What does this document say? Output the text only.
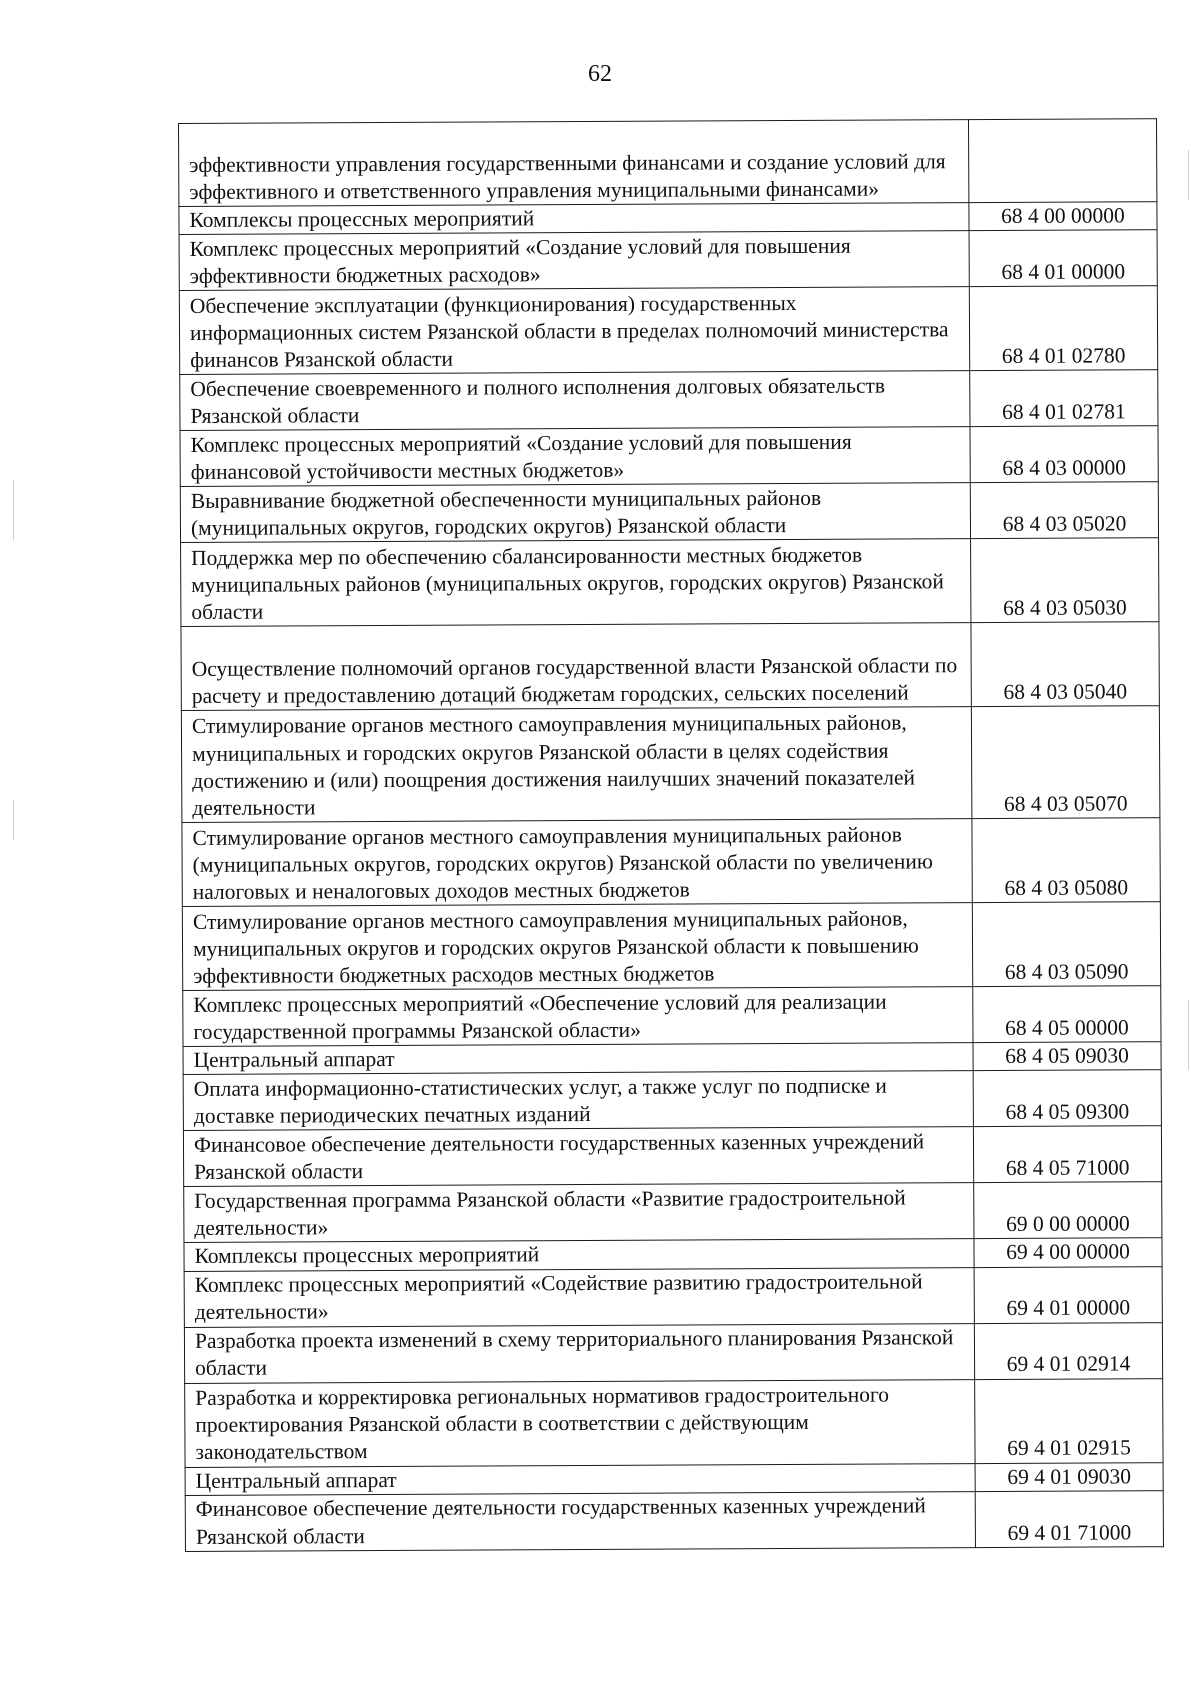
62
эффективности управления государственными финансами и создание условий для эффективного и ответственного управления муниципальными финансами»	
Комплексы процессных мероприятий	68 4 00 00000
Комплекс процессных мероприятий «Создание условий для повышения эффективности бюджетных расходов»	68 4 01 00000
Обеспечение эксплуатации (функционирования) государственных информационных систем Рязанской области в пределах полномочий министерства финансов Рязанской области	68 4 01 02780
Обеспечение своевременного и полного исполнения долговых обязательств Рязанской области	68 4 01 02781
Комплекс процессных мероприятий «Создание условий для повышения финансовой устойчивости местных бюджетов»	68 4 03 00000
Выравнивание бюджетной обеспеченности муниципальных районов (муниципальных округов, городских округов) Рязанской области	68 4 03 05020
Поддержка мер по обеспечению сбалансированности местных бюджетов муниципальных районов (муниципальных округов, городских округов) Рязанской области	68 4 03 05030
Осуществление полномочий органов государственной власти Рязанской области по расчету и предоставлению дотаций бюджетам городских, сельских поселений	68 4 03 05040
Стимулирование органов местного самоуправления муниципальных районов, муниципальных и городских округов Рязанской области в целях содействия достижению и (или) поощрения достижения наилучших значений показателей деятельности	68 4 03 05070
Стимулирование органов местного самоуправления муниципальных районов (муниципальных округов, городских округов) Рязанской области по увеличению налоговых и неналоговых доходов местных бюджетов	68 4 03 05080
Стимулирование органов местного самоуправления муниципальных районов, муниципальных округов и городских округов Рязанской области к повышению эффективности бюджетных расходов местных бюджетов	68 4 03 05090
Комплекс процессных мероприятий «Обеспечение условий для реализации государственной программы Рязанской области»	68 4 05 00000
Центральный аппарат	68 4 05 09030
Оплата информационно-статистических услуг, а также услуг по подписке и доставке периодических печатных изданий	68 4 05 09300
Финансовое обеспечение деятельности государственных казенных учреждений Рязанской области	68 4 05 71000
Государственная программа Рязанской области «Развитие градостроительной деятельности»	69 0 00 00000
Комплексы процессных мероприятий	69 4 00 00000
Комплекс процессных мероприятий «Содействие развитию градостроительной деятельности»	69 4 01 00000
Разработка проекта изменений в схему территориального планирования Рязанской области	69 4 01 02914
Разработка и корректировка региональных нормативов градостроительного проектирования Рязанской области в соответствии с действующим законодательством	69 4 01 02915
Центральный аппарат	69 4 01 09030
Финансовое обеспечение деятельности государственных казенных учреждений Рязанской области	69 4 01 71000
